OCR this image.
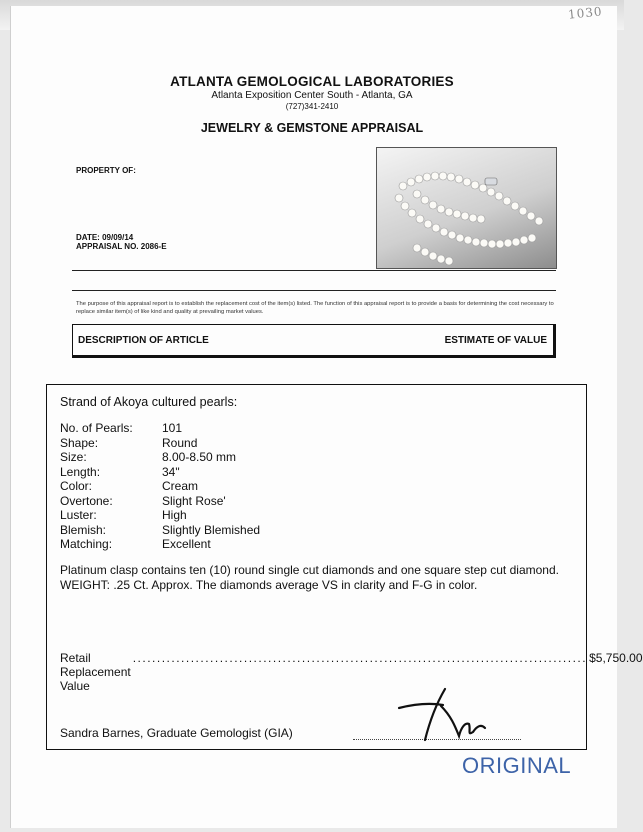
1030
ATLANTA GEMOLOGICAL LABORATORIES
Atlanta Exposition Center South - Atlanta, GA
(727)341-2410
JEWELRY & GEMSTONE APPRAISAL
PROPERTY OF:
DATE: 09/09/14
APPRAISAL NO. 2086-E
The purpose of this appraisal report is to establish the replacement cost of the item(s) listed. The function of this appraisal report is to provide a basis for determining the cost necessary to replace similar item(s) of like kind and quality at prevailing market values.
DESCRIPTION OF ARTICLE	ESTIMATE OF VALUE
Strand of Akoya cultured pearls:
No. of Pearls:	101
Shape:	Round
Size:	8.00-8.50 mm
Length:	34"
Color:	Cream
Overtone:	Slight Rose'
Luster:	High
Blemish:	Slightly Blemished
Matching:	Excellent
Platinum clasp contains ten (10) round single cut diamonds and one square step cut diamond. WEIGHT: .25 Ct. Approx. The diamonds average VS in clarity and F-G in color.
Retail Replacement Value
.............................................................................................. $5,750.00
Sandra Barnes, Graduate Gemologist (GIA)
ORIGINAL
